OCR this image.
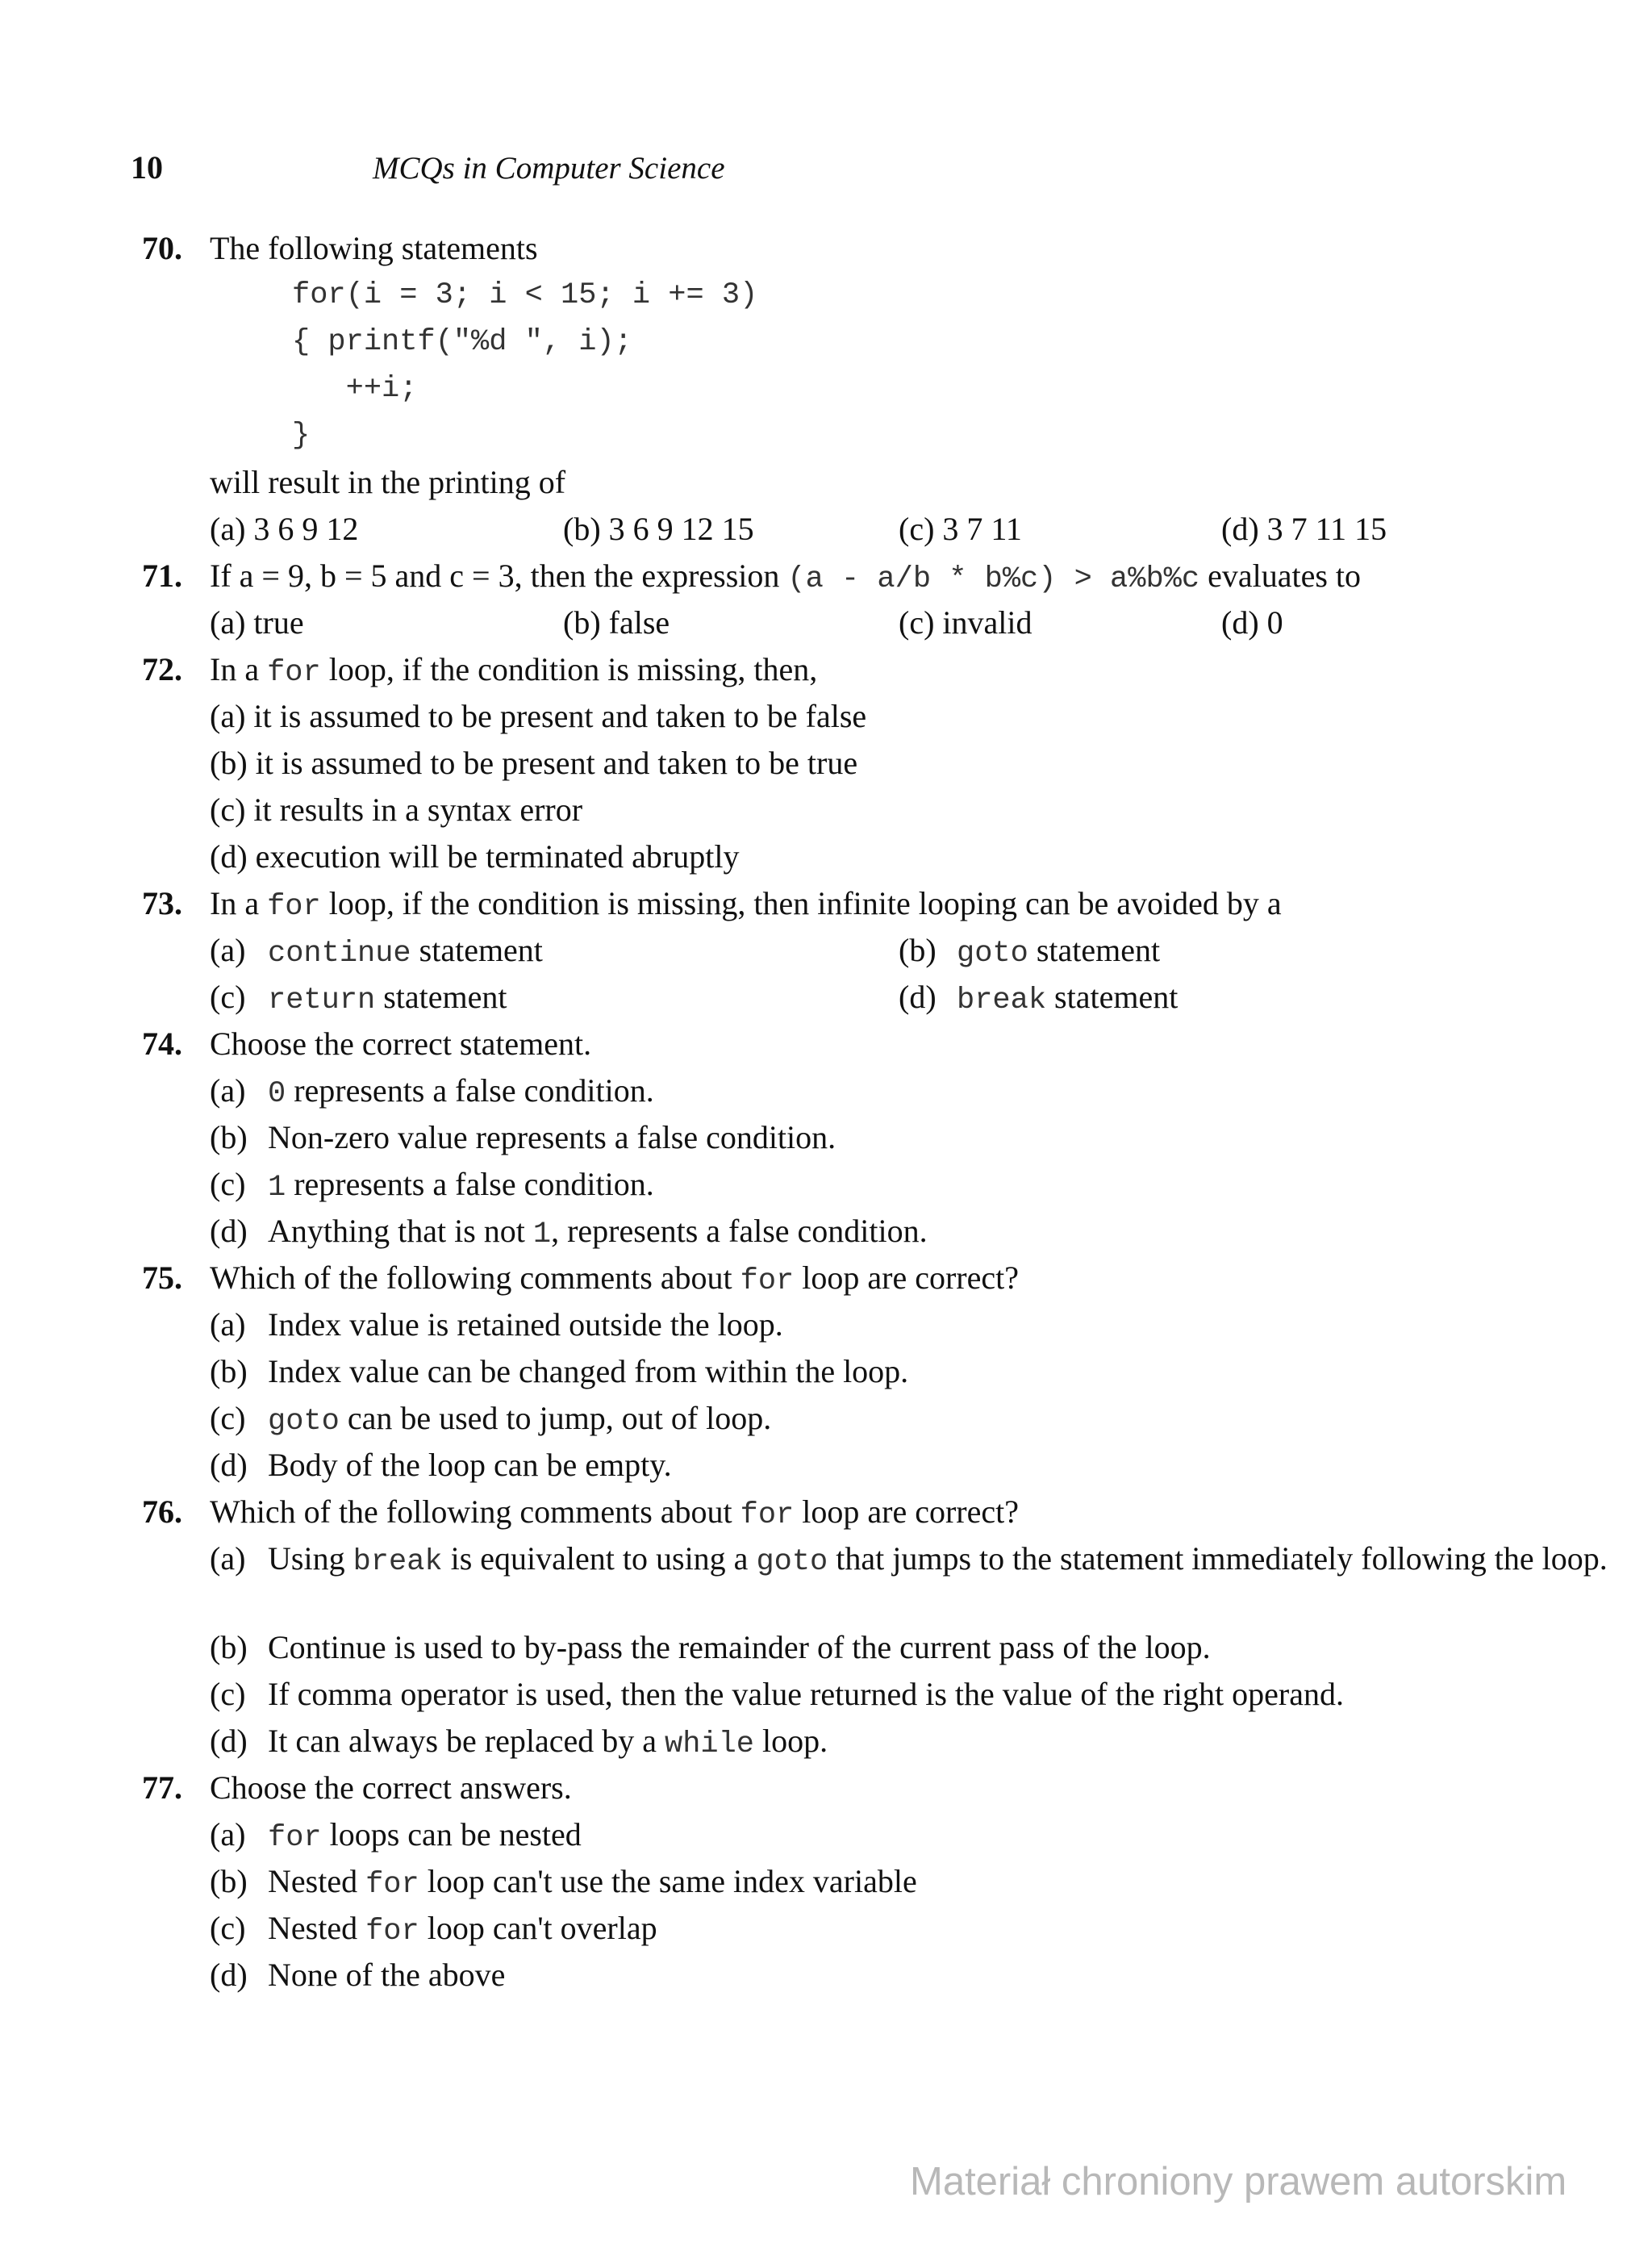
10	MCQs in Computer Science
70. The following statements
for(i = 3; i < 15; i += 3)
{ printf("%d ", i);
++i;
}
will result in the printing of
(a) 3 6 9 12	(b) 3 6 9 12 15	(c) 3 7 11	(d) 3 7 11 15
71. If a = 9, b = 5 and c = 3, then the expression (a - a/b * b%c) > a%b%c evaluates to
(a) true	(b) false	(c) invalid	(d) 0
72. In a for loop, if the condition is missing, then,
(a) it is assumed to be present and taken to be false
(b) it is assumed to be present and taken to be true
(c) it results in a syntax error
(d) execution will be terminated abruptly
73. In a for loop, if the condition is missing, then infinite looping can be avoided by a
(a) continue statement	(b) goto statement
(c) return statement	(d) break statement
74. Choose the correct statement.
(a) 0 represents a false condition.
(b) Non-zero value represents a false condition.
(c) 1 represents a false condition.
(d) Anything that is not 1, represents a false condition.
75. Which of the following comments about for loop are correct?
(a) Index value is retained outside the loop.
(b) Index value can be changed from within the loop.
(c) goto can be used to jump, out of loop.
(d) Body of the loop can be empty.
76. Which of the following comments about for loop are correct?
(a) Using break is equivalent to using a goto that jumps to the statement immediately following the loop.
(b) Continue is used to by-pass the remainder of the current pass of the loop.
(c) If comma operator is used, then the value returned is the value of the right operand.
(d) It can always be replaced by a while loop.
77. Choose the correct answers.
(a) for loops can be nested
(b) Nested for loop can't use the same index variable
(c) Nested for loop can't overlap
(d) None of the above
Materiał chroniony prawem autorskim
